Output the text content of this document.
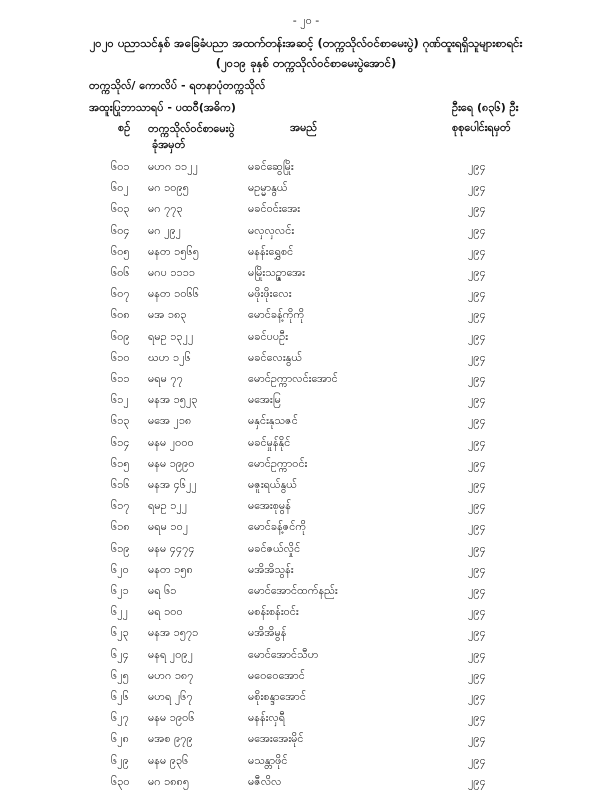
- ၂၀ -
၂၀၂၀ ပညာသင်နှစ် အခြေခံပညာ အထက်တန်းအဆင့် (တက္ကသိုလ်ဝင်စာမေးပွဲ) ဂုဏ်ထူးရရှိသူများစာရင်း
(၂၀၁၉ ခုနှစ် တက္ကသိုလ်ဝင်စာမေးပွဲအောင်)
တက္ကသိုလ်/ ကောလိပ် - ရတနာပုံတက္ကသိုလ်
အထူးပြုဘာသာရပ် - ပထဝီ(အဓိက)	ဦးရေ (၈၃၆) ဦး
စဉ် တက္ကသိုလ်ဝင်စာမေးပွဲ
ခုံအမှတ်
အမည်	စုစုပေါင်းရမှတ်
၆၀၁ မဟဂ ၁၁၂၂	မခင်ဆွေမြိုး	၂၉၄
၆၀၂ မဂ ၁၀၉၅	မဥမ္မာနွယ်	၂၉၄
၆၀၃ မဂ ၇၇၃	မခင်ဝင်းအေး	၂၉၄
၆၀၄ မဂ ၂၉၂	မလှလှလင်း	၂၉၄
၆၀၅ မနတ ၁၅၆၅	မနန်းရွှေစင်	၂၉၄
၆၀၆ မဂပ ၁၁၁၁	မမြိုးသဥ္ဇာအေး	၂၉၄
၆၀၇ မနတ ၁၀၆၆	မဖိုးဖိုးလေး	၂၉၄
၆၀၈ မအ ၁၈၃	မောင်ခန့်ကိုကို	၂၉၄
၆၀၉ ရမဥ ၁၃၂၂	မခင်ပပဦး	၂၉၄
၆၁၀ ဃဟ ၁၂၆	မခင်လေးနွယ်	၂၉၄
၆၁၁ မရမ ၇၇	မောင်ဥက္ကာလင်းအောင်	၂၉၄
၆၁၂ မနအ ၁၅၂၃	မအေးမြ	၂၉၄
၆၁၃ မအေ ၂၁၈	မနှင်းနုသဇင်	၂၉၄
၆၁၄ မနမ ၂၀၀၀	မခင်မှုန်နိုင်	၂၉၄
၆၁၅ မနမ ၁၉၉၀	မောင်ဥက္ကာဝင်း	၂၉၄
၆၁၆ မနအ ၄၆၂၂	မဇူးရယ်နွယ်	၂၉၄
၆၁၇ ရမဥ ၁၂၂	မအေးစုမွန်	၂၉၄
၆၁၈ မရမ ၁၀၂	မောင်ခန့်ဇင်ကို	၂၉၄
၆၁၉ မနမ ၄၄၇၄	မခင်ဇယ်လှိုင်	၂၉၄
၆၂၀ မနတ ၁၅၈	မအိအိသွန်း	၂၉၄
၆၂၁ မရ ၆၁	မောင်အောင်ထက်နည်း	၂၉၄
၆၂၂ မရ ၁၀၀	မစန်းစန်းဝင်း	၂၉၄
၆၂၃ မနအ ၁၅၇၁	မအိအိမွန်	၂၉၄
၆၂၄ မနရ ၂၀၉၂	မောင်အောင်သီဟ	၂၉၄
၆၂၅ မဟဂ ၁၈၇	မဝေဝေအောင်	၂၉၄
၆၂၆ မဟရ ၂၆၇	မစိုးစန္ဒာအောင်	၂၉၄
၆၂၇ မနမ ၁၉၀၆	မနန်းလှရီ	၂၉၄
၆၂၈ မအစ ၉၇၉	မအေးအေးမိုင်	၂၉၄
၆၂၉ မနမ ၉၃၆	မသန္တာဖိုင်	၂၉၄
၆၃၀ မဂ ၁၈၈၅	မဇီလိလ	၂၉၄
